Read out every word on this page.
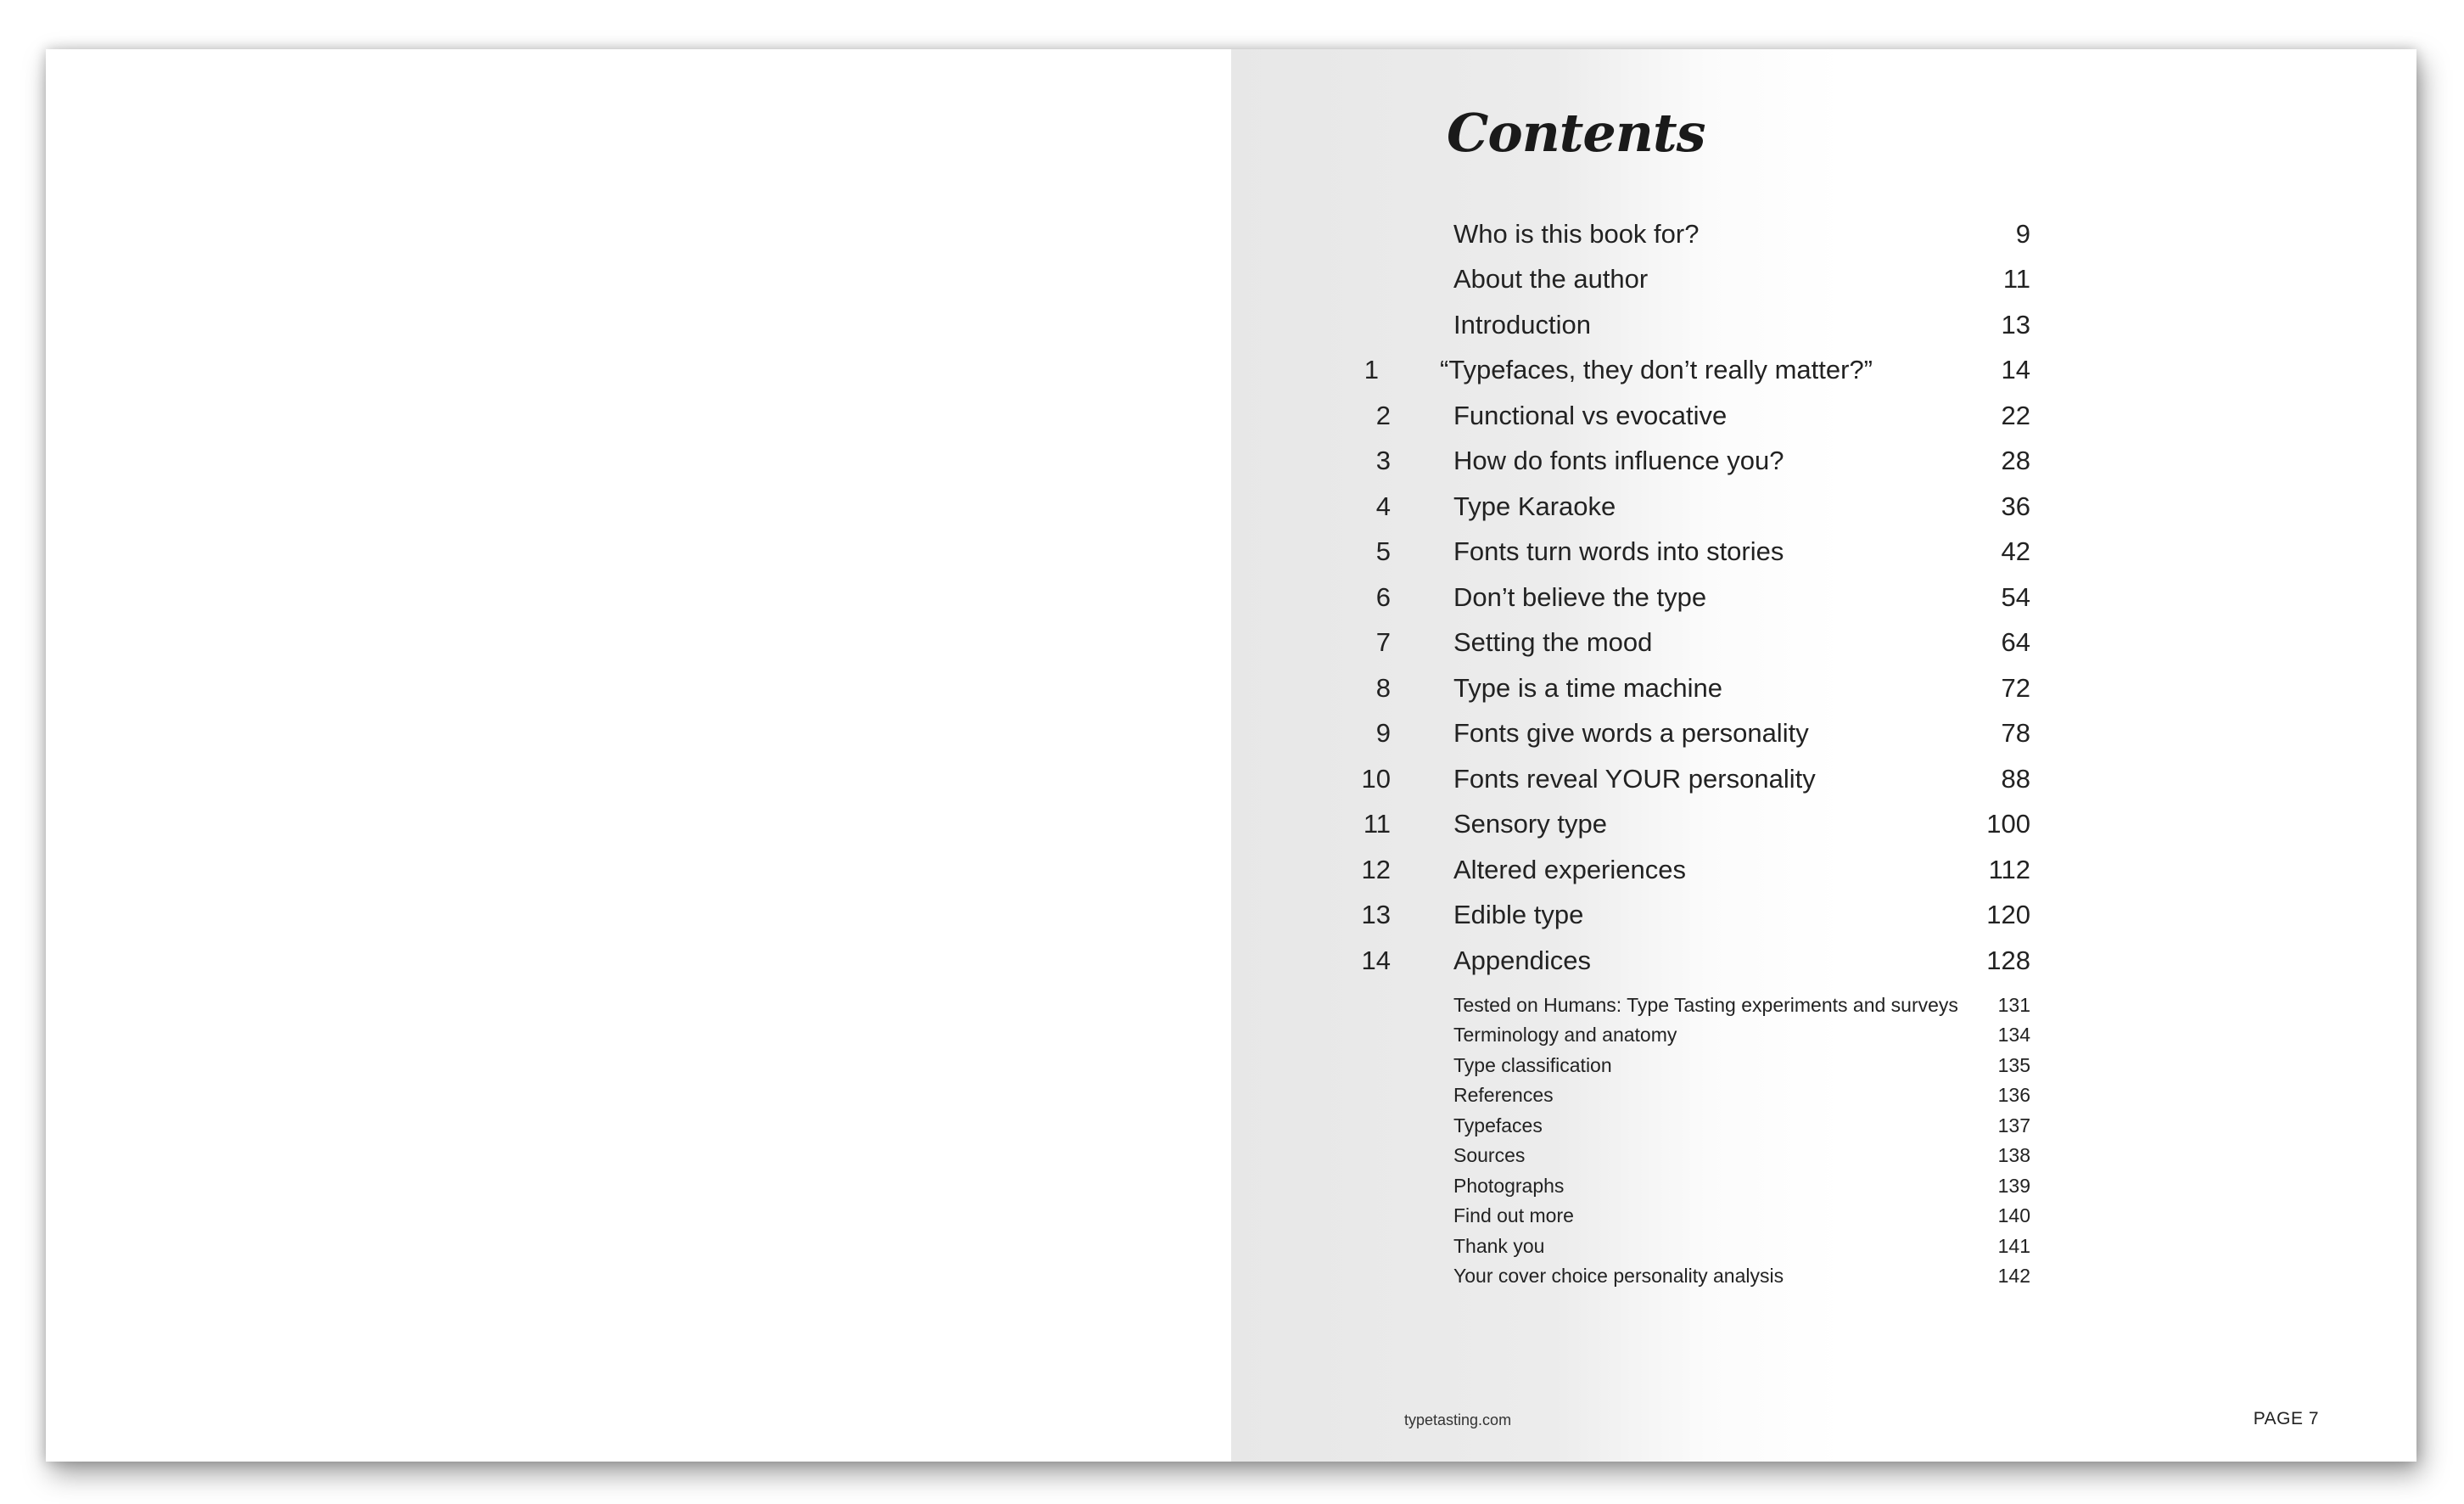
Contents
Who is this book for?	9
About the author	11
Introduction	13
1 “Typefaces, they don’t really matter?”	14
2 Functional vs evocative	22
3 How do fonts influence you?	28
4 Type Karaoke	36
5 Fonts turn words into stories	42
6 Don’t believe the type	54
7 Setting the mood	64
8 Type is a time machine	72
9 Fonts give words a personality	78
10 Fonts reveal YOUR personality	88
11 Sensory type	100
12 Altered experiences	112
13 Edible type	120
14 Appendices	128
Tested on Humans: Type Tasting experiments and surveys	131
Terminology and anatomy	134
Type classification	135
References	136
Typefaces	137
Sources	138
Photographs	139
Find out more	140
Thank you	141
Your cover choice personality analysis	142
typetasting.com	PAGE 7
